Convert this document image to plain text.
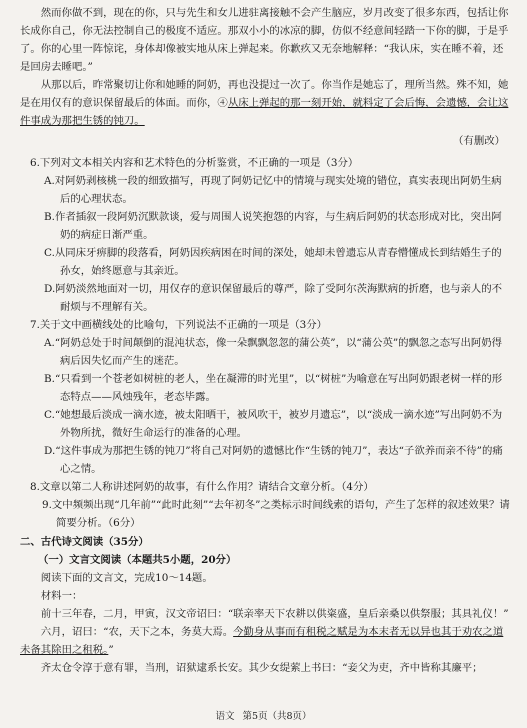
然而你做不到，现在的你，只与先生和女儿进驻离接触不会产生脑应，岁月改变了很多东西，包括让你长成你自己，你无法控制自己的极度不适应。那双小小的冰凉的脚，仿似不经意间轻踏一下你的脚，于是乎了。你的心里一阵惊诧，身体却像被实地从床上弹起来。你歉疚又无奈地解释：“我认床，实在睡不着，还是回房去睡吧。”

从那以后，昨常聚切让你和她睡的阿奶，再也没提过一次了。你当作是她忘了，理所当然。殊不知，她是在用仅有的意识保留最后的体面。而你，④从床上弹起的那一刻开始，就料定了会后悔，会遗憾，会让这件事成为那把生锈的钝刀。

（有删改）

6.下列对文本相关内容和艺术特色的分析鉴赏，不正确的一项是（3分）

A.对阿奶剥核桃一段的细致描写，再现了阿奶记忆中的情境与现实处境的错位，真实表现出阿奶生病后的心理状态。

B.作者插叙一段阿奶沉默款谈，爱与周围人说笑抱怨的内容，与生病后阿奶的状态形成对比，突出阿奶的病症日渐严重。

C.从同床牙痹脚的段落看，阿奶因疾病困在时间的深处，她却未曾遗忘从青春懵懂成长到结婚生子的孙女，始终愿意与其亲近。

D.阿奶淡然地面对一切，用仅存的意识保留最后的尊严，除了受阿尔茨海默病的折磨，也与亲人的不耐烦与不理解有关。

7.关于文中画横线处的比喻句，下列说法不正确的一项是（3分）

A.“阿奶总处于时间颠倒的混沌状态，像一朵飘飘忽忽的蒲公英”，以“蒲公英”的飘忽之态写出阿奶得病后因失忆而产生的迷茫。

B.“只看到一个苍老如树桩的老人，坐在凝滞的时光里”，以“树桩”为喻意在写出阿奶跟老树一样的形态特点——风烛残年，老态毕露。

C.“她想最后淡成一滴水迹，被太阳晒干，被风吹干，被岁月遗忘”，以“淡成一滴水迹”写出阿奶不为外物所扰，微好生命运行的准备的心理。

D.“这件事成为那把生锈的钝刀”将自己对阿奶的遗憾比作“生锈的钝刀”，表达“子欲养而亲不待”的痛心之情。

8.文章以第二人称讲述阿奶的故事，有什么作用？请结合文章分析。（4分）

9.文中频频出现“几年前”“此时此刻”“去年初冬”之类标示时间线索的语句，产生了怎样的叙述效果？请简要分析。（6分）

二、古代诗文阅读（35分）

（一）文言文阅读（本题共5小题，20分）

阅读下面的文言文，完成10～14题。

材料一：

前十三年春，二月，甲寅，汉文帝诏曰：“联亲率天下农耕以供粢盛，皇后亲桑以供祭服；其具礼仪！”

六月，诏曰：“农，天下之本，务莫大焉。今勤身从事而有租税之赋是为本末者无以异也其于劝农之道未备其除田之租税。”

齐太仓令淳于意有罪，当刑，诏狱逮系长安。其少女缇萦上书曰：“妾父为吏，齐中皆称其廉平；

语文 第5页（共8页）
